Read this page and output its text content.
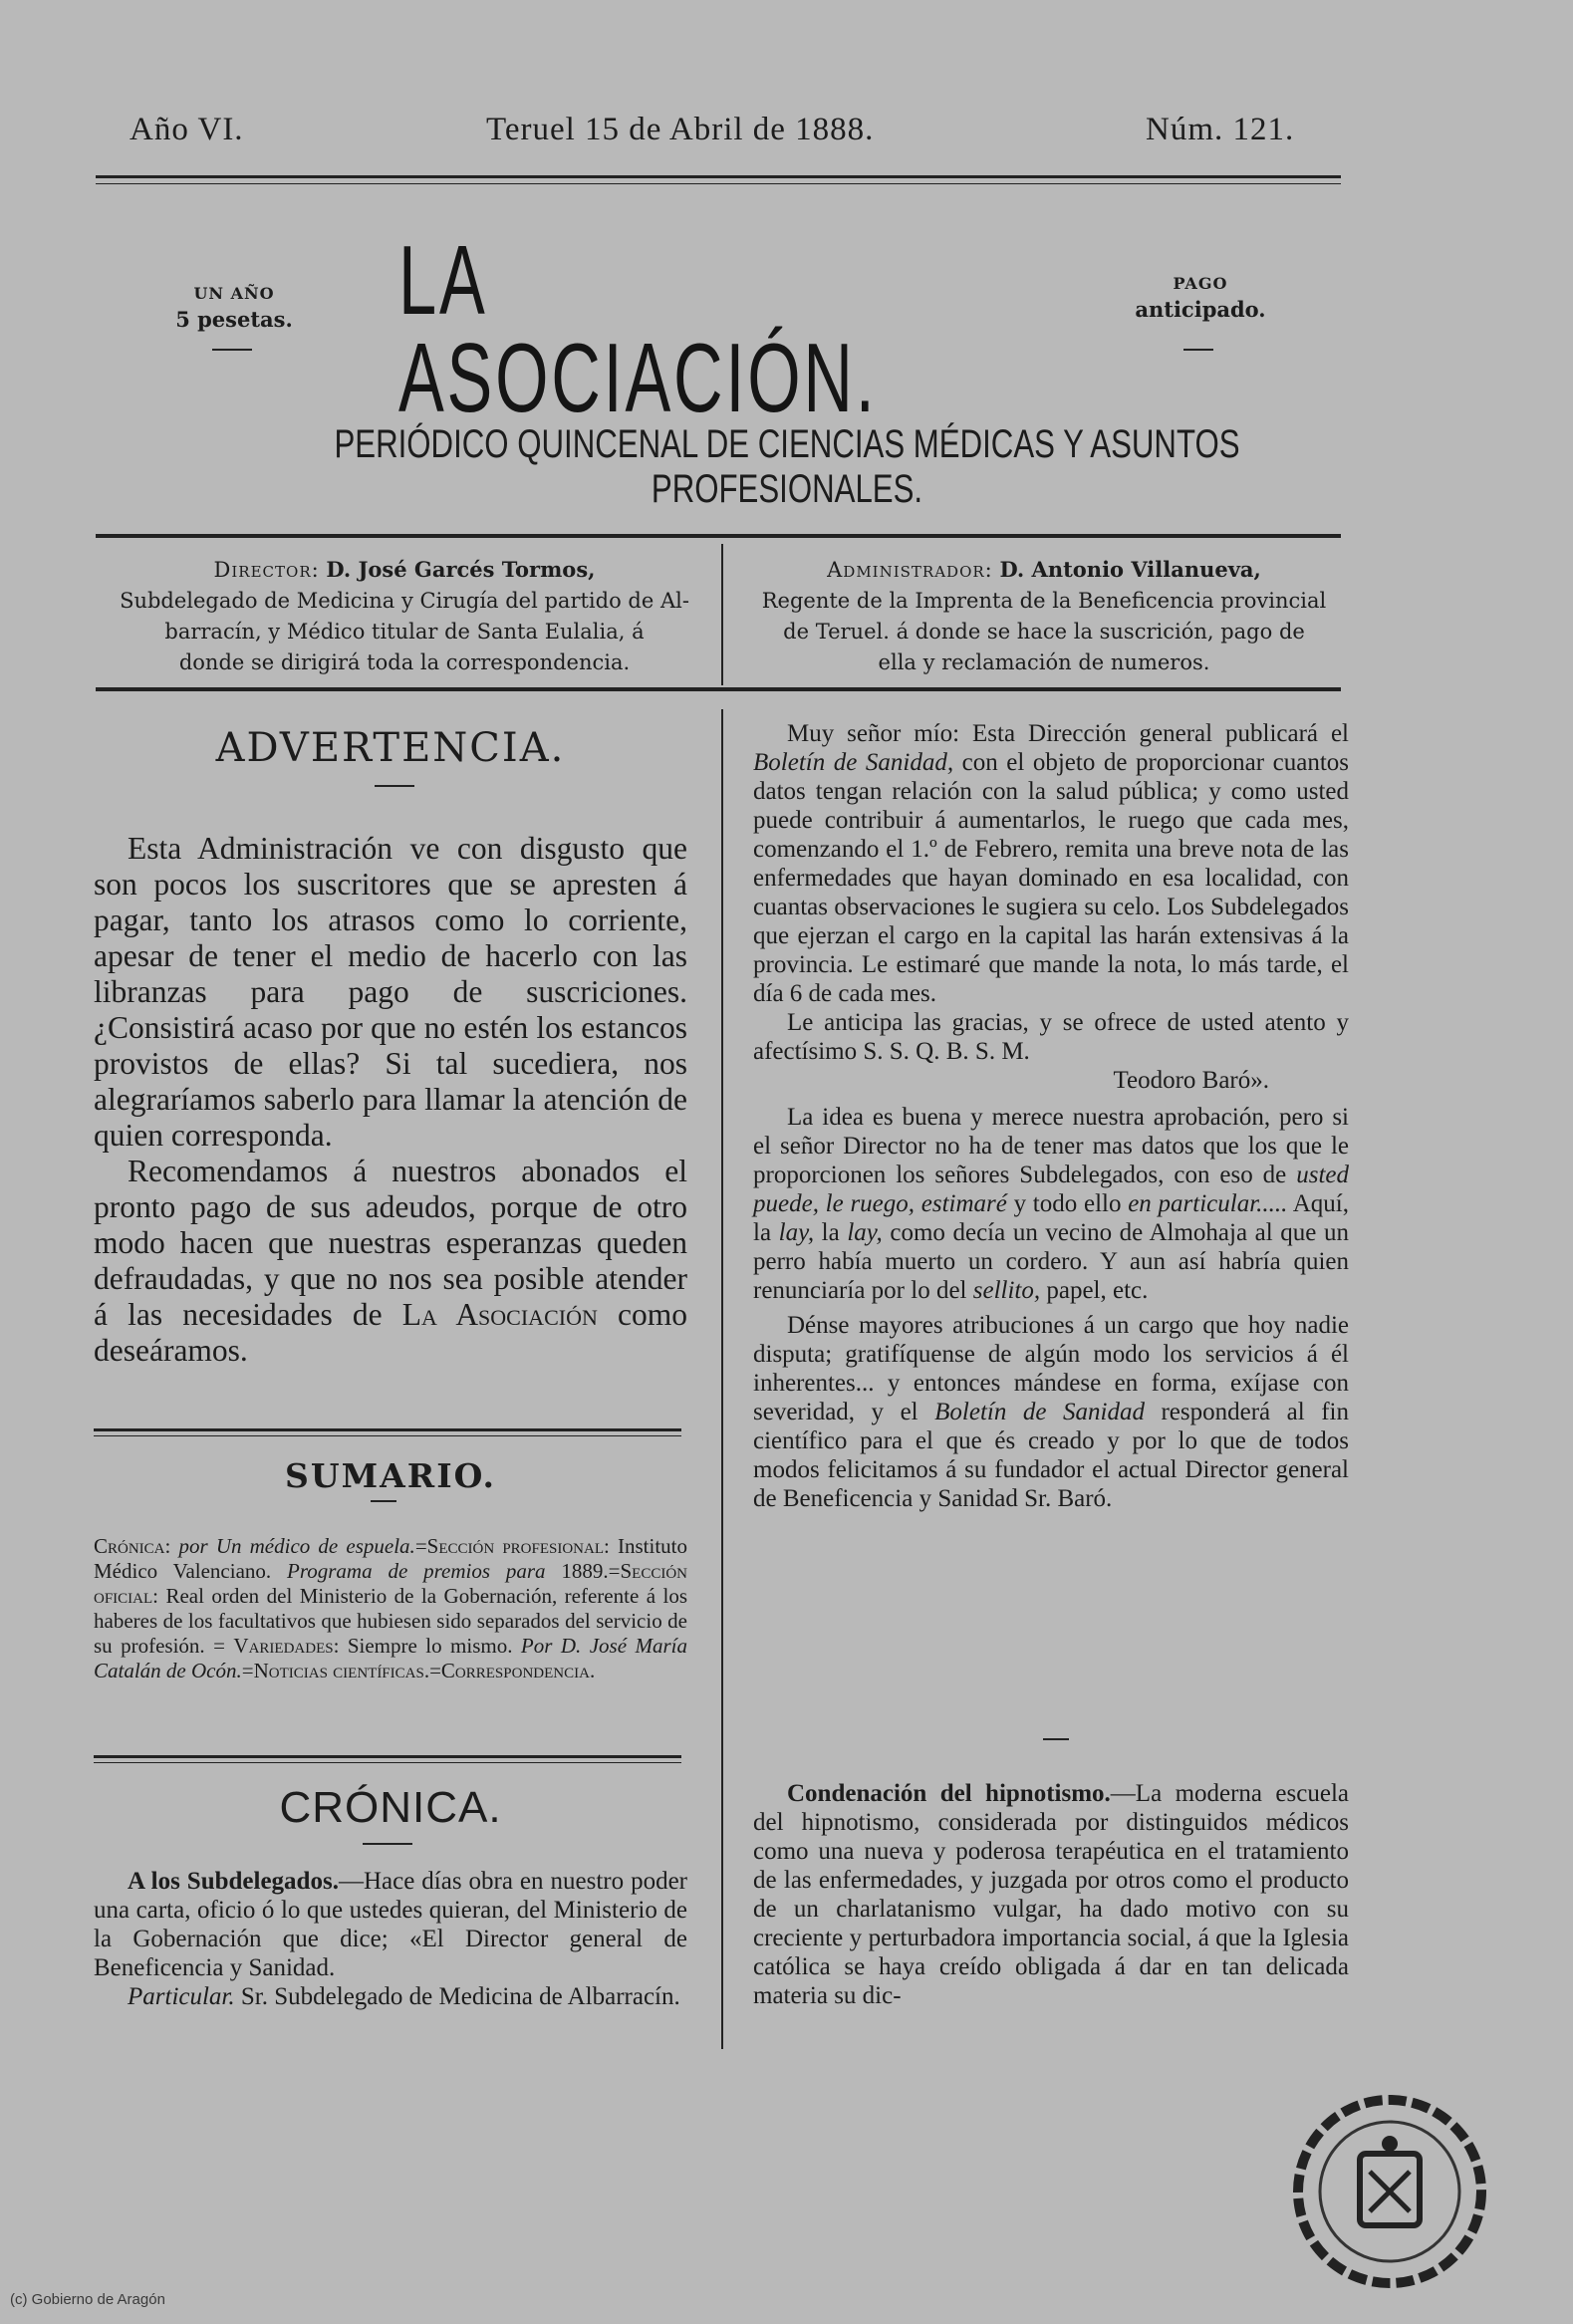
Año VI.	Teruel 15 de Abril de 1888.	Núm. 121.
UN AÑO
5 pesetas. LA ASOCIACIÓN.
PAGO
anticipado.
PERIÓDICO QUINCENAL DE CIENCIAS MÉDICAS Y ASUNTOS PROFESIONALES.
Director: D. José Garcés Tormos,
Subdelegado de Medicina y Cirugía del partido de Al-
barracín, y Médico titular de Santa Eulalia, á
donde se dirigirá toda la correspondencia.
Administrador: D. Antonio Villanueva,
Regente de la Imprenta de la Beneficencia provincial
de Teruel. á donde se hace la suscrición, pago de
ella y reclamación de numeros.
ADVERTENCIA.

Esta Administración ve con disgusto que son pocos los suscritores que se apresten á pagar, tanto los atrasos como lo corriente, apesar de tener el medio de hacerlo con las libranzas para pago de suscriciones. ¿Consistirá acaso por que no estén los estancos provistos de ellas? Si tal sucediera, nos alegraríamos saberlo para llamar la atención de quien corresponda.

Recomendamos á nuestros abonados el pronto pago de sus adeudos, porque de otro modo hacen que nuestras esperanzas queden defraudadas, y que no nos sea posible atender á las necesidades de La Asociación como deseáramos.

SUMARIO.

Crónica: por Un médico de espuela.=Sección profesional: Instituto Médico Valenciano. Programa de premios para 1889.=Sección oficial: Real orden del Ministerio de la Gobernación, referente á los haberes de los facultativos que hubiesen sido separados del servicio de su profesión. = Variedades: Siempre lo mismo. Por D. José María Catalán de Ocón.=Noticias científicas.=Correspondencia.

CRÓNICA.

A los Subdelegados.—Hace días obra en nuestro poder una carta, oficio ó lo que ustedes quieran, del Ministerio de la Gobernación que dice; «El Director general de Beneficencia y Sanidad.

Particular. Sr. Subdelegado de Medicina de Albarracín.

Muy señor mío: Esta Dirección general publicará el Boletín de Sanidad, con el objeto de proporcionar cuantos datos tengan relación con la salud pública; y como usted puede contribuir á aumentarlos, le ruego que cada mes, comenzando el 1.º de Febrero, remita una breve nota de las enfermedades que hayan dominado en esa localidad, con cuantas observaciones le sugiera su celo. Los Subdelegados que ejerzan el cargo en la capital las harán extensivas á la provincia. Le estimaré que mande la nota, lo más tarde, el día 6 de cada mes.

Le anticipa las gracias, y se ofrece de usted atento y afectísimo S. S. Q. B. S. M.

Teodoro Baró».

La idea es buena y merece nuestra aprobación, pero si el señor Director no ha de tener mas datos que los que le proporcionen los señores Subdelegados, con eso de usted puede, le ruego, estimaré y todo ello en particular..... Aquí, la lay, la lay, como decía un vecino de Almohaja al que un perro había muerto un cordero. Y aun así habría quien renunciaría por lo del sellito, papel, etc.

Dénse mayores atribuciones á un cargo que hoy nadie disputa; gratifíquense de algún modo los servicios á él inherentes... y entonces mándese en forma, exíjase con severidad, y el Boletín de Sanidad responderá al fin científico para el que és creado y por lo que de todos modos felicitamos á su fundador el actual Director general de Beneficencia y Sanidad Sr. Baró.

Condenación del hipnotismo.—La moderna escuela del hipnotismo, considerada por distinguidos médicos como una nueva y poderosa terapéutica en el tratamiento de las enfermedades, y juzgada por otros como el producto de un charlatanismo vulgar, ha dado motivo con su creciente y perturbadora importancia social, á que la Iglesia católica se haya creído obligada á dar en tan delicada materia su dic-

(c) Gobierno de Aragón
